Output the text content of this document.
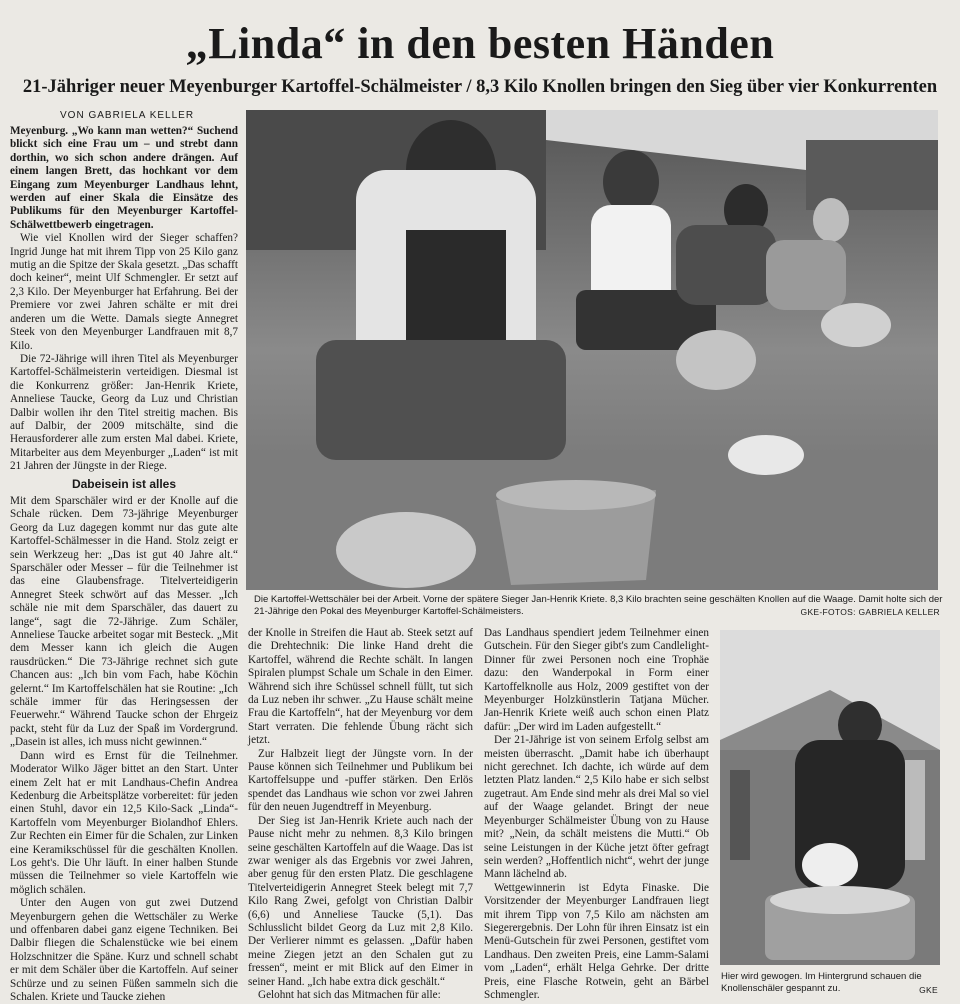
„Linda“ in den besten Händen
21-Jähriger neuer Meyenburger Kartoffel-Schälmeister / 8,3 Kilo Knollen bringen den Sieg über vier Konkurrenten
VON GABRIELA KELLER

Meyenburg. „Wo kann man wetten?“ Suchend blickt sich eine Frau um – und strebt dann dorthin, wo sich schon andere drängen. Auf einem langen Brett, das hochkant vor dem Eingang zum Meyenburger Landhaus lehnt, werden auf einer Skala die Einsätze des Publikums für den Meyenburger Kartoffel-Schälwettbewerb eingetragen.

Wie viel Knollen wird der Sieger schaffen? Ingrid Junge hat mit ihrem Tipp von 25 Kilo ganz mutig an die Spitze der Skala gesetzt. „Das schafft doch keiner“, meint Ulf Schmengler. Er setzt auf 2,3 Kilo. Der Meyenburger hat Erfahrung. Bei der Premiere vor zwei Jahren schälte er mit drei anderen um die Wette. Damals siegte Annegret Steek von den Meyenburger Landfrauen mit 8,7 Kilo.

Die 72-Jährige will ihren Titel als Meyenburger Kartoffel-Schälmeisterin verteidigen. Diesmal ist die Konkurrenz größer: Jan-Henrik Kriete, Anneliese Taucke, Georg da Luz und Christian Dalbir wollen ihr den Titel streitig machen. Bis auf Dalbir, der 2009 mitschälte, sind die Herausforderer alle zum ersten Mal dabei. Kriete, Mitarbeiter aus dem Meyenburger „Laden“ ist mit 21 Jahren der Jüngste in der Riege.

Dabeisein ist alles

Mit dem Sparschäler wird er der Knolle auf die Schale rücken. Dem 73-jährige Meyenburger Georg da Luz dagegen kommt nur das gute alte Kartoffel-Schälmesser in die Hand. Stolz zeigt er sein Werkzeug her: „Das ist gut 40 Jahre alt.“ Sparschäler oder Messer – für die Teilnehmer ist das eine Glaubensfrage. Titelverteidigerin Annegret Steek schwört auf das Messer. „Ich schäle nie mit dem Sparschäler, das dauert zu lange“, sagt die 72-Jährige. Zum Schäler, Anneliese Taucke arbeitet sogar mit Besteck. „Mit dem Messer kann ich gleich die Augen rausdrücken.“ Die 73-Jährige rechnet sich gute Chancen aus: „Ich bin vom Fach, habe Köchin gelernt.“ Im Kartoffelschälen hat sie Routine: „Ich schäle immer für das Heringsessen der Feuerwehr.“ Während Taucke schon der Ehrgeiz packt, steht für da Luz der Spaß im Vordergrund. „Dasein ist alles, ich muss nicht gewinnen.“

Dann wird es Ernst für die Teilnehmer. Moderator Wilko Jäger bittet an den Start. Unter einem Zelt hat er mit Landhaus-Chefin Andrea Kedenburg die Arbeitsplätze vorbereitet: für jeden einen Stuhl, davor ein 12,5 Kilo-Sack „Linda“-Kartoffeln vom Meyenburger Biolandhof Ehlers. Zur Rechten ein Eimer für die Schalen, zur Linken eine Keramikschüssel für die geschälten Knollen. Los geht's. Die Uhr läuft. In einer halben Stunde müssen die Teilnehmer so viele Kartoffeln wie möglich schälen.

Unter den Augen von gut zwei Dutzend Meyenburgern gehen die Wettschäler zu Werke und offenbaren dabei ganz eigene Techniken. Bei Dalbir fliegen die Schalenstücke wie bei einem Holzschnitzer die Späne. Kurz und schnell schabt er mit dem Schäler über die Kartoffeln. Auf seiner Schürze und zu seinen Füßen sammeln sich die Schalen. Kriete und Taucke ziehen

Die Kartoffel-Wettschäler bei der Arbeit. Vorne der spätere Sieger Jan-Henrik Kriete. 8,3 Kilo brachten seine geschälten Knollen auf die Waage. Damit holte sich der 21-Jährige den Pokal des Meyenburger Kartoffel-Schälmeisters.	GKE-FOTOS: GABRIELA KELLER

der Knolle in Streifen die Haut ab. Steek setzt auf die Drehtechnik: Die linke Hand dreht die Kartoffel, während die Rechte schält. In langen Spiralen plumpst Schale um Schale in den Eimer. Während sich ihre Schüssel schnell füllt, tut sich da Luz neben ihr schwer. „Zu Hause schält meine Frau die Kartoffeln“, hat der Meyenburg vor dem Start verraten. Die fehlende Übung rächt sich jetzt.

Zur Halbzeit liegt der Jüngste vorn. In der Pause können sich Teilnehmer und Publikum bei Kartoffelsuppe und -puffer stärken. Den Erlös spendet das Landhaus wie schon vor zwei Jahren für den neuen Jugendtreff in Meyenburg.

Der Sieg ist Jan-Henrik Kriete auch nach der Pause nicht mehr zu nehmen. 8,3 Kilo bringen seine geschälten Kartoffeln auf die Waage. Das ist zwar weniger als das Ergebnis vor zwei Jahren, aber genug für den ersten Platz. Die geschlagene Titelverteidigerin Annegret Steek belegt mit 7,7 Kilo Rang Zwei, gefolgt von Christian Dalbir (6,6) und Anneliese Taucke (5,1). Das Schlusslicht bildet Georg da Luz mit 2,8 Kilo. Der Verlierer nimmt es gelassen. „Dafür haben meine Ziegen jetzt an den Schalen gut zu fressen“, meint er mit Blick auf den Eimer in seiner Hand. „Ich habe extra dick geschält.“

Gelohnt hat sich das Mitmachen für alle:

Das Landhaus spendiert jedem Teilnehmer einen Gutschein. Für den Sieger gibt's zum Candlelight-Dinner für zwei Personen noch eine Trophäe dazu: den Wanderpokal in Form einer Kartoffelknolle aus Holz, 2009 gestiftet von der Meyenburger Holzkünstlerin Tatjana Mücher. Jan-Henrik Kriete weiß auch schon einen Platz dafür: „Der wird im Laden aufgestellt.“

Der 21-Jährige ist von seinem Erfolg selbst am meisten überrascht. „Damit habe ich überhaupt nicht gerechnet. Ich dachte, ich würde auf dem letzten Platz landen.“ 2,5 Kilo habe er sich selbst zugetraut. Am Ende sind mehr als drei Mal so viel auf der Waage gelandet. Bringt der neue Meyenburger Schälmeister Übung von zu Hause mit? „Nein, da schält meistens die Mutti.“ Ob seine Leistungen in der Küche jetzt öfter gefragt sein werden? „Hoffentlich nicht“, wehrt der junge Mann lächelnd ab.

Wettgewinnerin ist Edyta Finaske. Die Vorsitzender der Meyenburger Landfrauen liegt mit ihrem Tipp von 7,5 Kilo am nächsten am Siegerergebnis. Der Lohn für ihren Einsatz ist ein Menü-Gutschein für zwei Personen, gestiftet vom Landhaus. Den zweiten Preis, eine Lamm-Salami vom „Laden“, erhält Helga Gehrke. Der dritte Preis, eine Flasche Rotwein, geht an Bärbel Schmengler.

Hier wird gewogen. Im Hintergrund schauen die Knollenschäler gespannt zu.	GKE
